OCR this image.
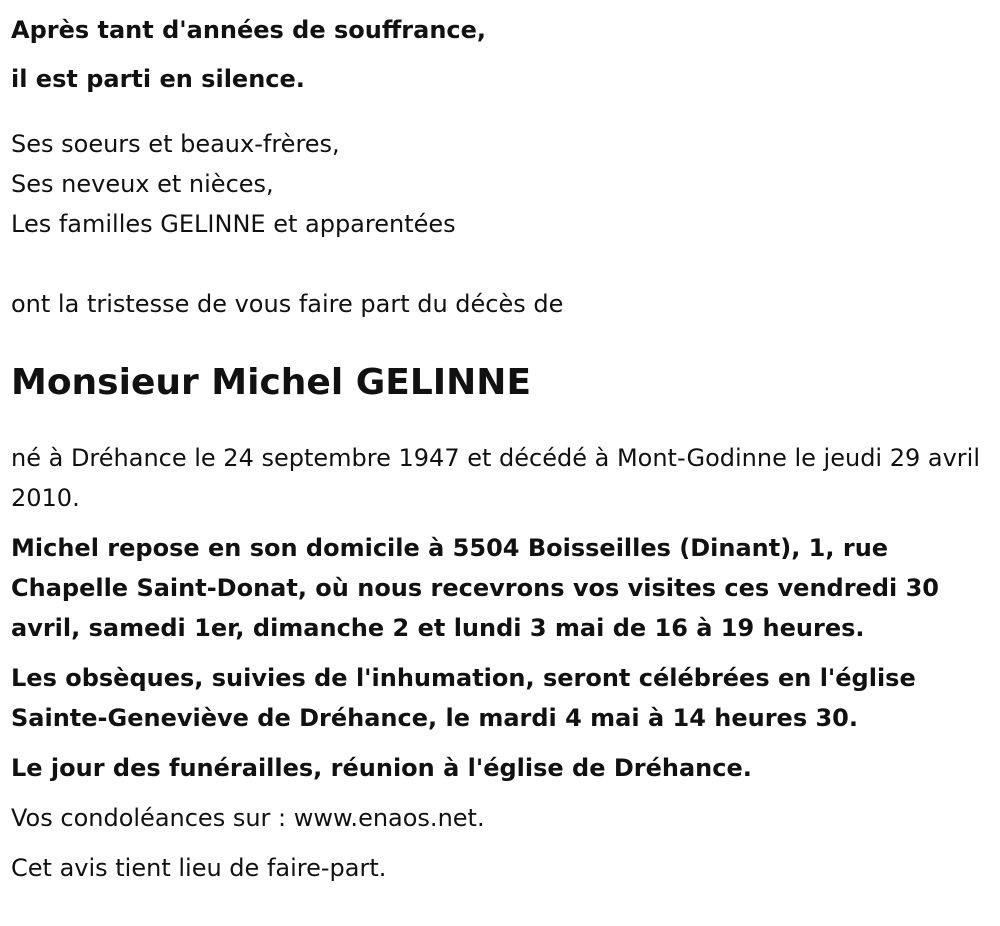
Après tant d'années de souffrance,
il est parti en silence.
Ses soeurs et beaux-frères,
Ses neveux et nièces,
Les familles GELINNE et apparentées
ont la tristesse de vous faire part du décès de
Monsieur Michel GELINNE
né à Dréhance le 24 septembre 1947 et décédé à Mont-Godinne le jeudi 29 avril 2010.
Michel repose en son domicile à 5504 Boisseilles (Dinant), 1, rue Chapelle Saint-Donat, où nous recevrons vos visites ces vendredi 30 avril, samedi 1er, dimanche 2 et lundi 3 mai de 16 à 19 heures.
Les obsèques, suivies de l'inhumation, seront célébrées en l'église Sainte-Geneviève de Dréhance, le mardi 4 mai à 14 heures 30.
Le jour des funérailles, réunion à l'église de Dréhance.
Vos condoléances sur : www.enaos.net.
Cet avis tient lieu de faire-part.
